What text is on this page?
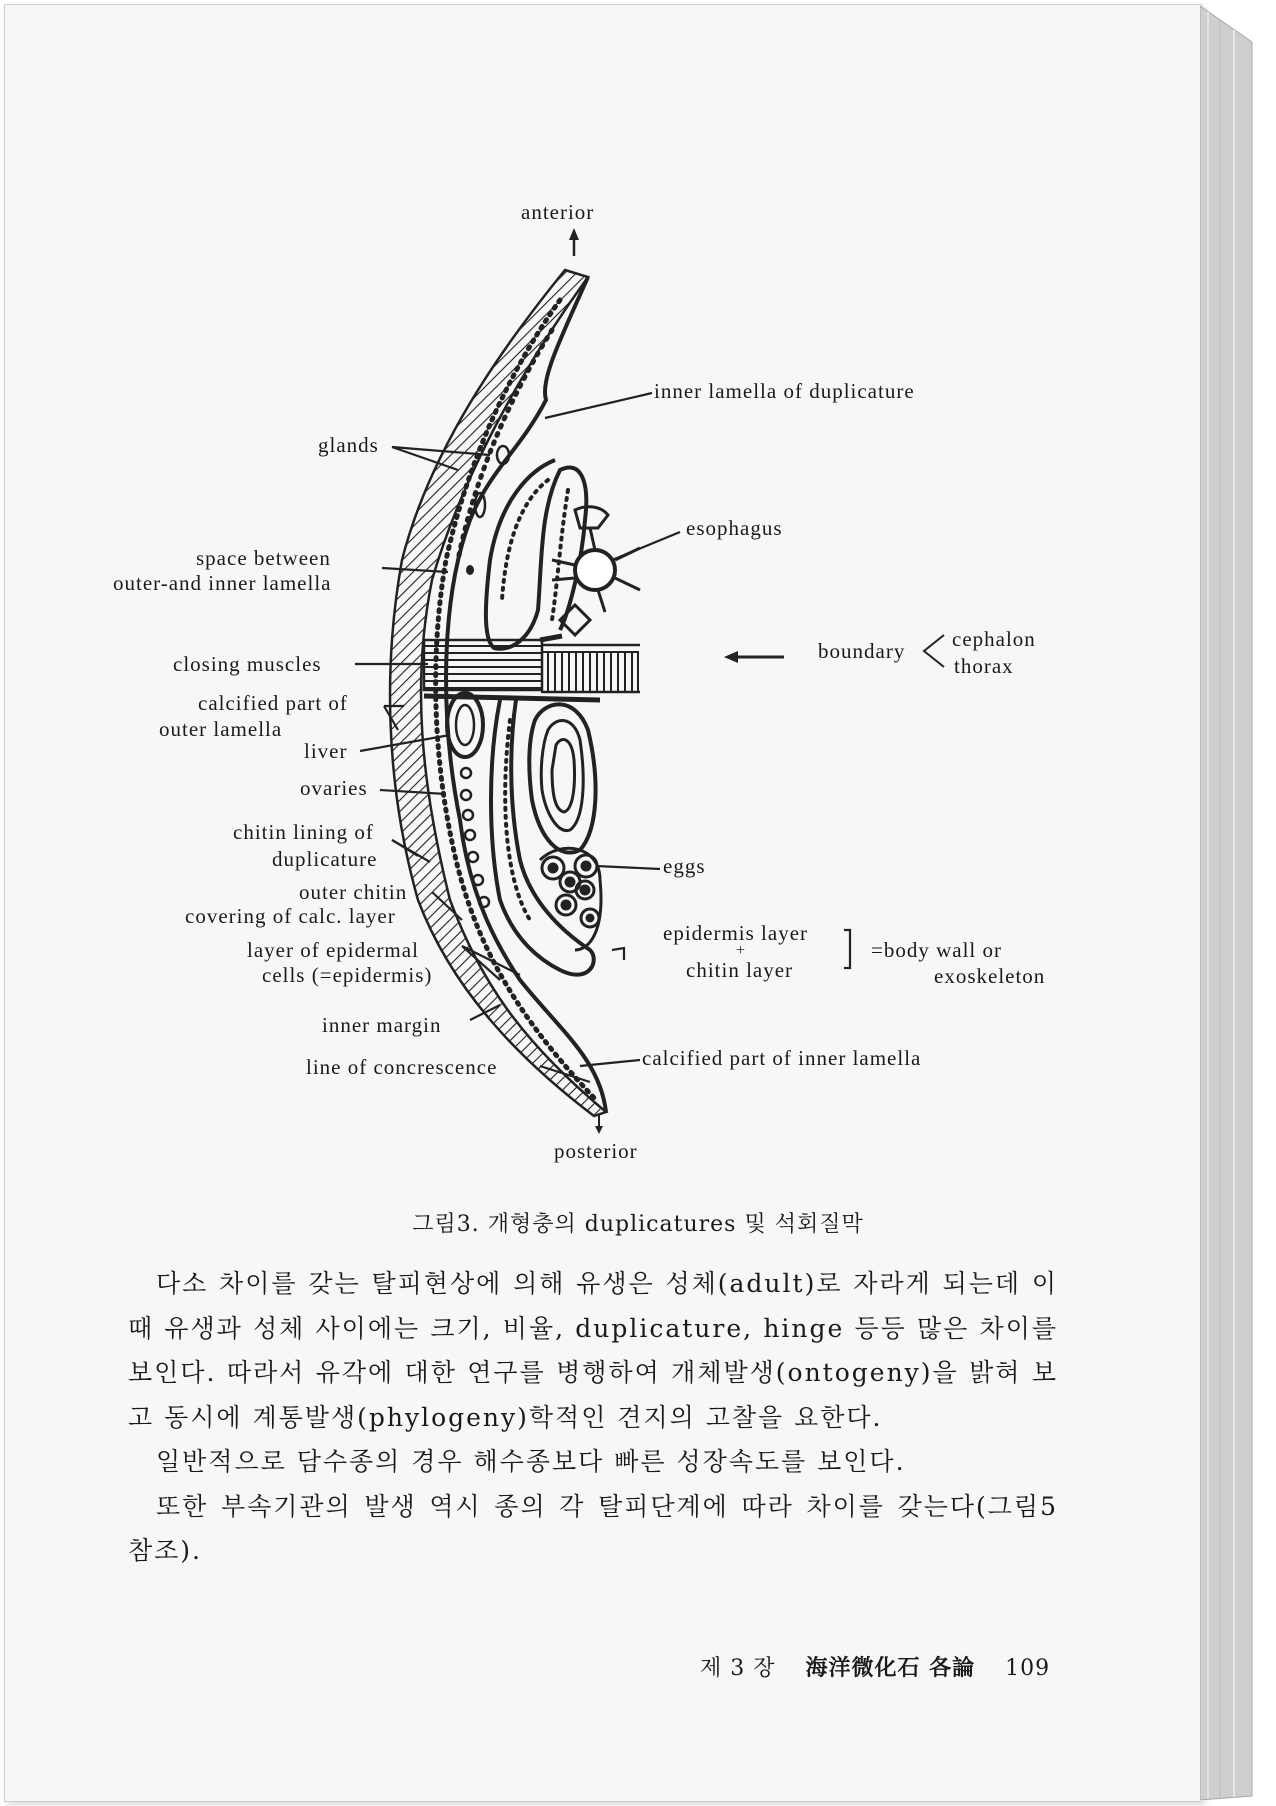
anterior
inner lamella of duplicature
glands
esophagus
space between
outer-and inner lamella
boundary cephalon
thorax
closing muscles
calcified part of
outer lamella
liver
ovaries
chitin lining of
duplicature	eggs
outer chitin
covering of calc. layer
epidermis layer
+
chitin layer
=body wall or
exoskeleton
layer of epidermal
cells (=epidermis)
inner margin
line of concrescence	calcified part of inner lamella
posterior
그림3. 개형충의 duplicatures 및 석회질막

다소 차이를 갖는 탈피현상에 의해 유생은 성체(adult)로 자라게 되는데 이때 유생과 성체 사이에는 크기, 비율, duplicature, hinge 등등 많은 차이를 보인다. 따라서 유각에 대한 연구를 병행하여 개체발생(ontogeny)을 밝혀 보고 동시에 계통발생(phylogeny)학적인 견지의 고찰을 요한다.

일반적으로 담수종의 경우 해수종보다 빠른 성장속도를 보인다.

또한 부속기관의 발생 역시 종의 각 탈피단계에 따라 차이를 갖는다(그림5 참조).

제 3 장 海洋微化石 各論 109
